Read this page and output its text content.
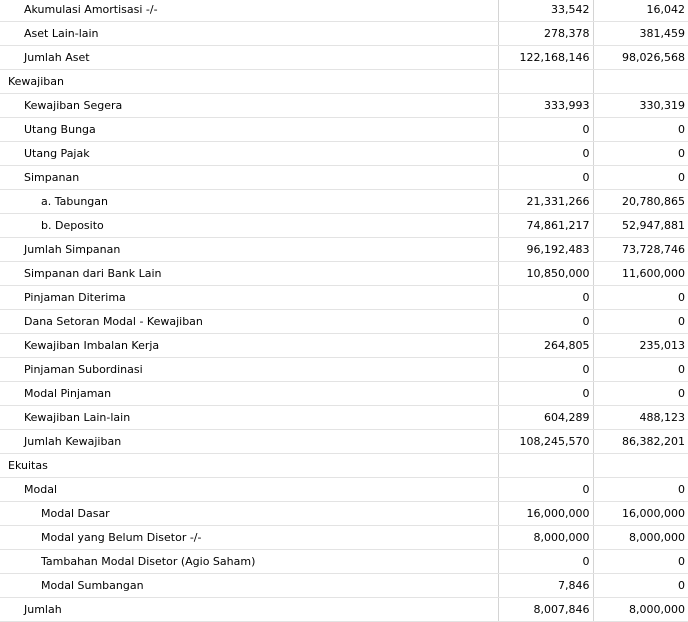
Akumulasi Amortisasi -/-	33,542	16,042
Aset Lain-lain	278,378	381,459
Jumlah Aset	122,168,146	98,026,568
Kewajiban		
Kewajiban Segera	333,993	330,319
Utang Bunga	0	0
Utang Pajak	0	0
Simpanan	0	0
a. Tabungan	21,331,266	20,780,865
b. Deposito	74,861,217	52,947,881
Jumlah Simpanan	96,192,483	73,728,746
Simpanan dari Bank Lain	10,850,000	11,600,000
Pinjaman Diterima	0	0
Dana Setoran Modal - Kewajiban	0	0
Kewajiban Imbalan Kerja	264,805	235,013
Pinjaman Subordinasi	0	0
Modal Pinjaman	0	0
Kewajiban Lain-lain	604,289	488,123
Jumlah Kewajiban	108,245,570	86,382,201
Ekuitas		
Modal	0	0
Modal Dasar	16,000,000	16,000,000
Modal yang Belum Disetor -/-	8,000,000	8,000,000
Tambahan Modal Disetor (Agio Saham)	0	0
Modal Sumbangan	7,846	0
Jumlah	8,007,846	8,000,000
